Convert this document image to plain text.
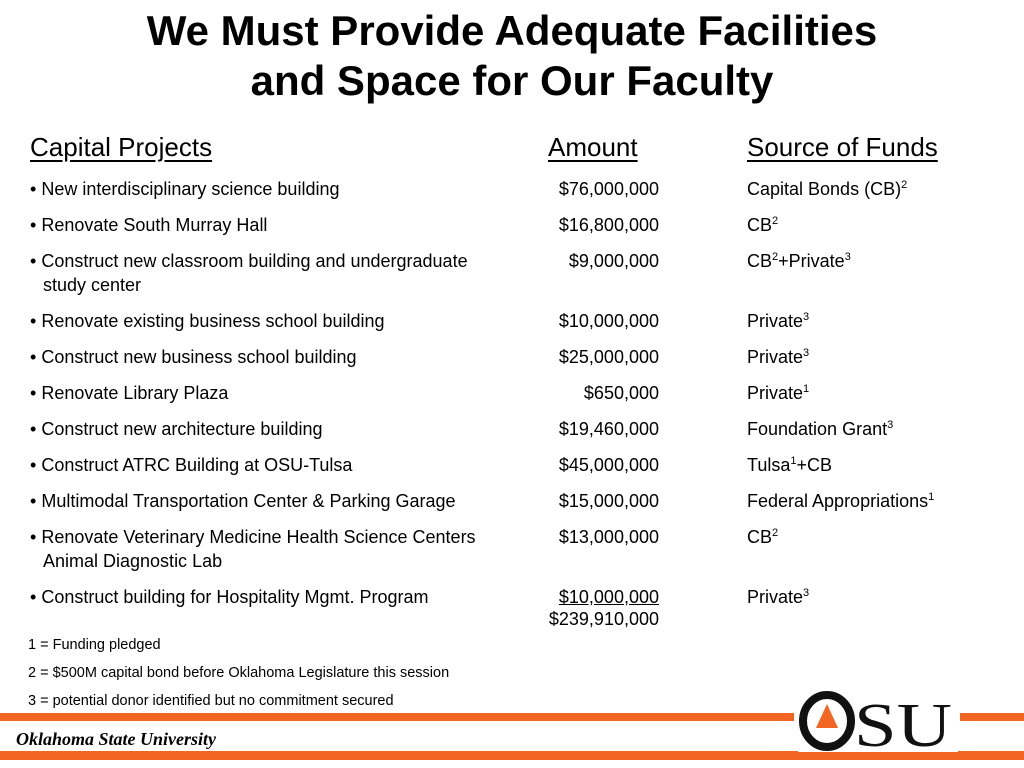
We Must Provide Adequate Facilities
and Space for Our Faculty
Capital Projects	Amount	Source of Funds
• New interdisciplinary science building	$76,000,000	Capital Bonds (CB)$^2$
• Renovate South Murray Hall	$16,800,000	$CB^2$
• Construct new classroom building and undergraduate
study center
$9,000,000	$CB^2+Private^3$
• Renovate existing business school building	$10,000,000	Private$^3$
• Construct new business school building	$25,000,000	Private$^3$
• Renovate Library Plaza	$650,000	Private$^1$
• Construct new architecture building	$19,460,000	Foundation Grant$^3$
• Construct ATRC Building at OSU-Tulsa	$45,000,000	Tulsa$^1$+CB
• Multimodal Transportation Center & Parking Garage	$15,000,000	Federal Appropriations$^1$
• Renovate Veterinary Medicine Health Science Centers
Animal Diagnostic Lab
$13,000,000	$CB^2$
• Construct building for Hospitality Mgmt. Program	$10,000,000	Private$^3$
$239,910,000
1 = Funding pledged
2 = $500M capital bond before Oklahoma Legislature this session
3 = potential donor identified but no commitment secured
Oklahoma State University	SU
